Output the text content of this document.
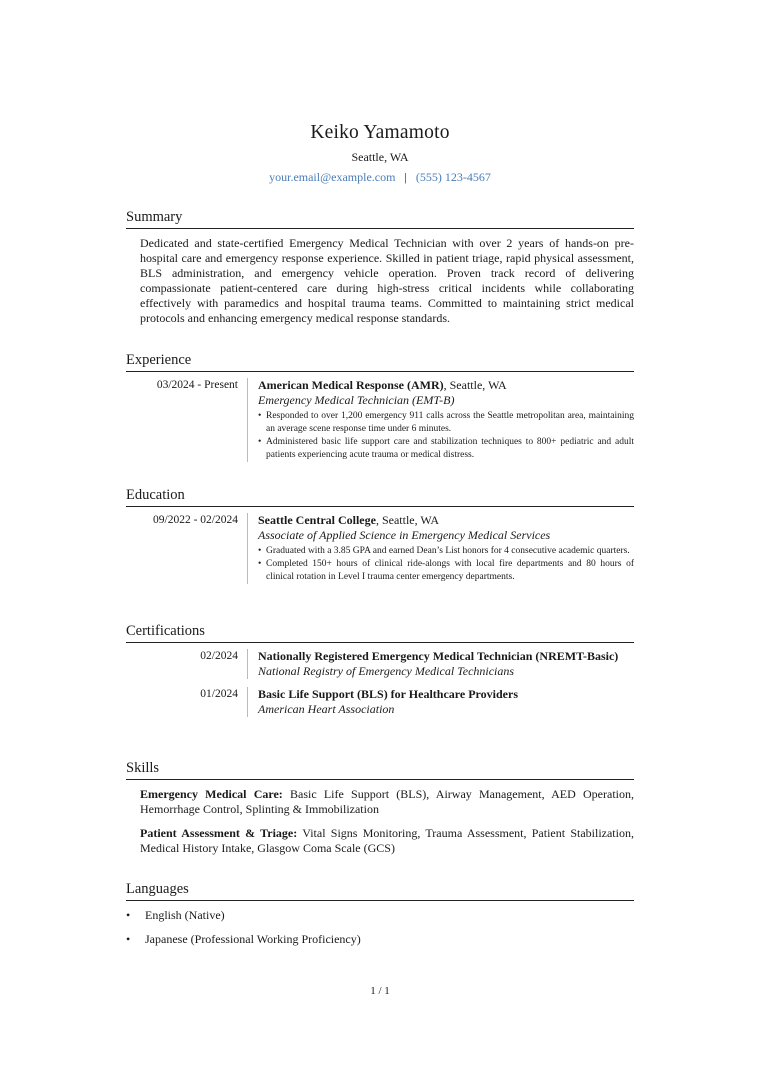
Keiko Yamamoto
Seattle, WA
your.email@example.com | (555) 123-4567
Summary
Dedicated and state-certified Emergency Medical Technician with over 2 years of hands-on pre-hospital care and emergency response experience. Skilled in patient triage, rapid physical assessment, BLS administration, and emergency vehicle operation. Proven track record of delivering compassionate patient-centered care during high-stress critical incidents while collaborating effectively with paramedics and hospital trauma teams. Committed to maintaining strict medical protocols and enhancing emergency medical response standards.
Experience
03/2024 - Present	American Medical Response (AMR), Seattle, WA
Emergency Medical Technician (EMT-B)
• Responded to over 1,200 emergency 911 calls across the Seattle metropolitan area, maintaining an average scene response time under 6 minutes.
• Administered basic life support care and stabilization techniques to 800+ pediatric and adult patients experiencing acute trauma or medical distress.
Education
09/2022 - 02/2024	Seattle Central College, Seattle, WA
Associate of Applied Science in Emergency Medical Services
• Graduated with a 3.85 GPA and earned Dean’s List honors for 4 consecutive academic quarters.
• Completed 150+ hours of clinical ride-alongs with local fire departments and 80 hours of clinical rotation in Level I trauma center emergency departments.
Certifications
02/2024	Nationally Registered Emergency Medical Technician (NREMT-Basic)
National Registry of Emergency Medical Technicians
01/2024	Basic Life Support (BLS) for Healthcare Providers
American Heart Association
Skills
Emergency Medical Care: Basic Life Support (BLS), Airway Management, AED Operation, Hemorrhage Control, Splinting & Immobilization
Patient Assessment & Triage: Vital Signs Monitoring, Trauma Assessment, Patient Stabilization, Medical History Intake, Glasgow Coma Scale (GCS)
Languages
• English (Native)
• Japanese (Professional Working Proficiency)
1 / 1
